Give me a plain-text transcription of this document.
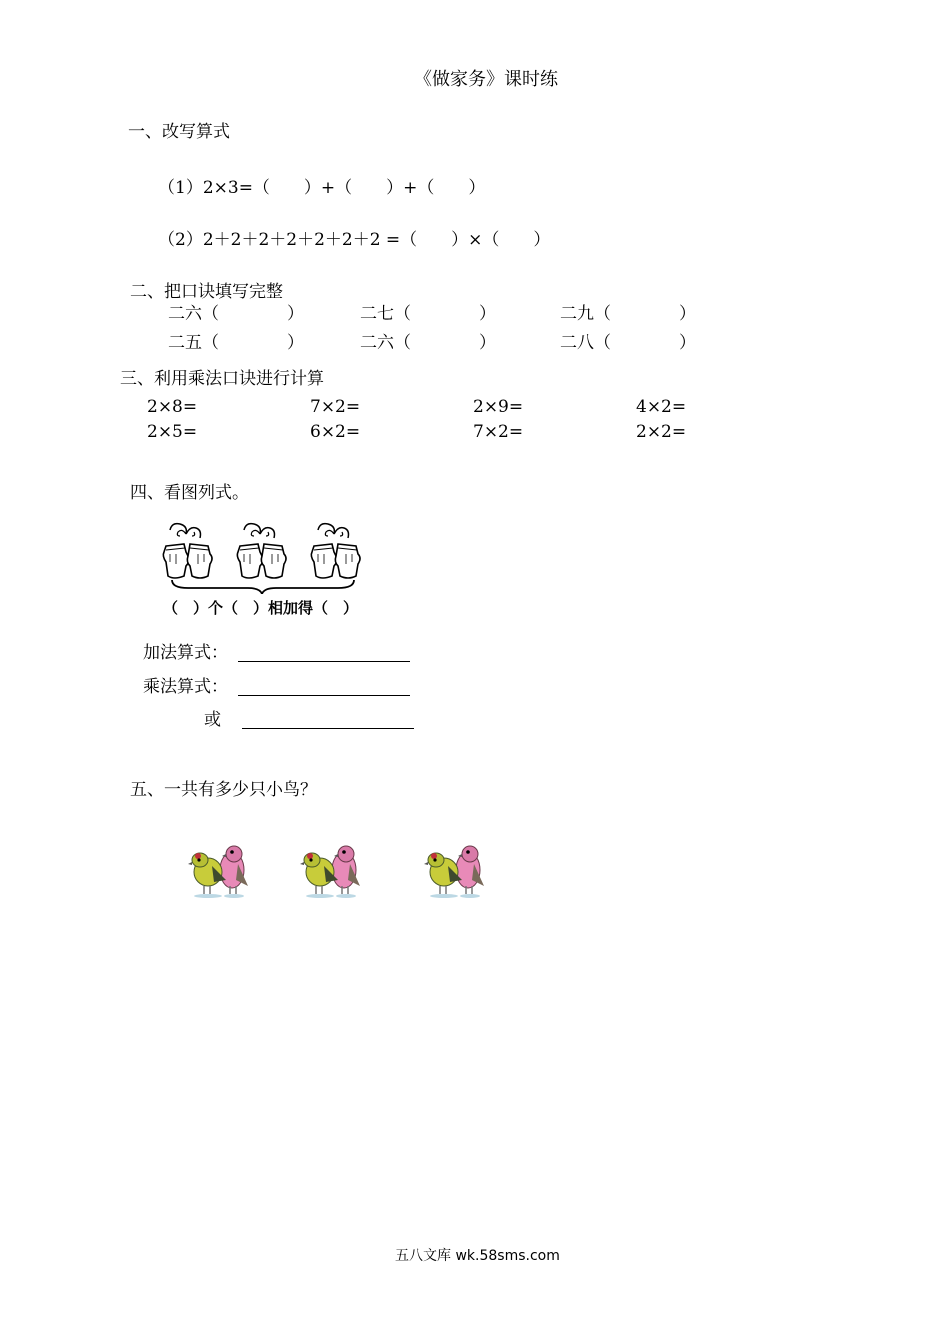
《做家务》课时练
一、改写算式
（1）2×3=（　　）+（　　）+（　　）
（2）2＋2＋2＋2＋2＋2＋2 =（　　）×（　　）
二、把口诀填写完整
二六（　　　　）	二七（　　　　）	二九（　　　　）
二五（　　　　）	二六（　　　　）	二八（　　　　）
三、利用乘法口诀进行计算
2×8=	7×2=	2×9=	4×2=
2×5=	6×2=	7×2=	2×2=
四、看图列式。
（　）个（　）相加得（　）
加法算式：
乘法算式：
或
五、一共有多少只小鸟？
五八文库 wk.58sms.com
